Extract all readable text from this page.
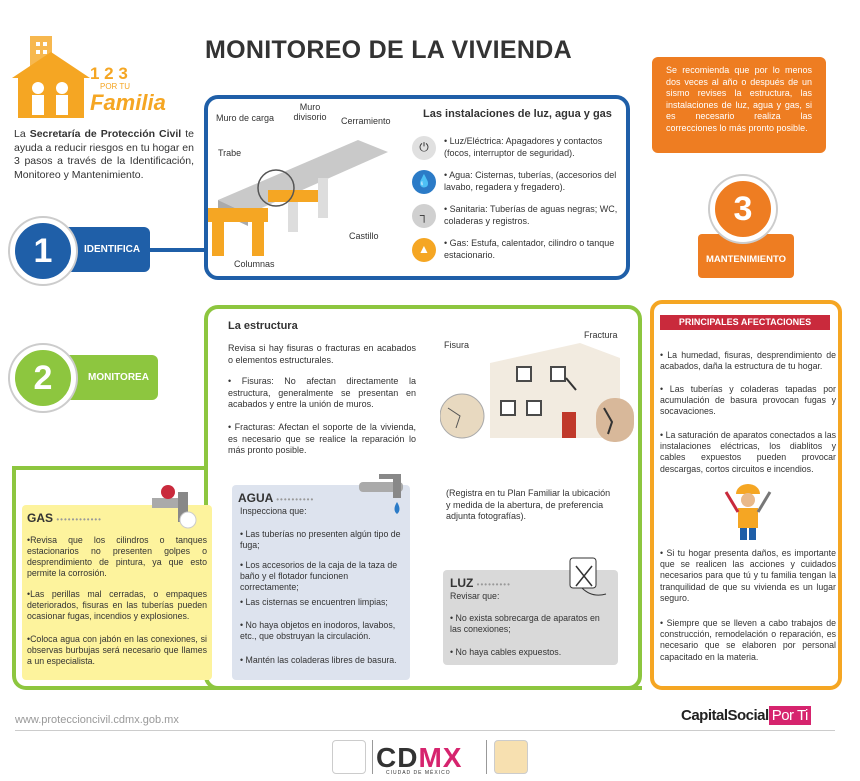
MONITOREO DE LA VIVIENDA
1 2 3
POR TU
Familia
La Secretaría de Protección Civil te ayuda a reducir riesgos en tu hogar en 3 pasos a través de la Identificación, Monitoreo y Mantenimiento.
IDENTIFICA
1
Muro de carga
Muro divisorio	Cerramiento
Trabe
Castillo
Columnas
Las instalaciones de luz, agua y gas
⏻	• Luz/Eléctrica: Apagadores y contactos (focos, interruptor de seguridad).
💧	• Agua: Cisternas, tuberías, (accesorios del lavabo, regadera y fregadero).
┐	• Sanitaria: Tuberías de aguas negras; WC, coladeras y registros.
▲	• Gas: Estufa, calentador, cilindro o tanque estacionario.
Se recomienda que por lo menos dos veces al año o después de un sismo revises la estructura, las instalaciones de luz, agua y gas, si es necesario realiza las correcciones lo más pronto posible.
MANTENIMIENTO
3
PRINCIPALES AFECTACIONES
• La humedad, fisuras, desprendimiento de acabados, daña la estructura de tu hogar.
• Las tuberías y coladeras tapadas por acumulación de basura provocan fugas y socavaciones.
• La saturación de aparatos conectados a las instalaciones eléctricas, los diablitos y cables expuestos pueden provocar descargas, cortos circuitos e incendios.
• Si tu hogar presenta daños, es importante que se realicen las acciones y cuidados necesarios para que tú y tu familia tengan la tranquilidad de que su vivienda es un lugar seguro.
• Siempre que se lleven a cabo trabajos de construcción, remodelación o reparación, es necesario que se elaboren por personal capacitado en la materia.
MONITOREA
2
La estructura
Revisa si hay fisuras o fracturas en acabados o elementos estructurales.
• Fisuras: No afectan directamente la estructura, generalmente se presentan en acabados y entre la unión de muros.
• Fracturas: Afectan el soporte de la vivienda, es necesario que se realice la reparación lo más pronto posible.
Fisura
Fractura
(Registra en tu Plan Familiar la ubicación y medida de la abertura, de preferencia adjunta fotografías).
GAS ••••••••••••
•Revisa que los cilindros o tanques estacionarios no presenten golpes o desprendimiento de pintura, ya que esto permite la corrosión.
•Las perillas mal cerradas, o empaques deteriorados, fisuras en las tuberías pueden ocasionar fugas, incendios y explosiones.
•Coloca agua con jabón en las conexiones, si observas burbujas será necesario que llames a un especialista.
AGUA ••••••••••
Inspecciona que:
• Las tuberías no presenten algún tipo de fuga;
• Los accesorios de la caja de la taza de baño y el flotador funcionen correctamente;
• Las cisternas se encuentren limpias;
• No haya objetos en inodoros, lavabos, etc., que obstruyan la circulación.
• Mantén las coladeras libres de basura.
LUZ •••••••••
Revisar que:
• No exista sobrecarga de aparatos en las conexiones;
• No haya cables expuestos.
www.proteccioncivil.cdmx.gob.mx	CapitalSocial Por Ti
CDMX
CIUDAD DE MÉXICO
